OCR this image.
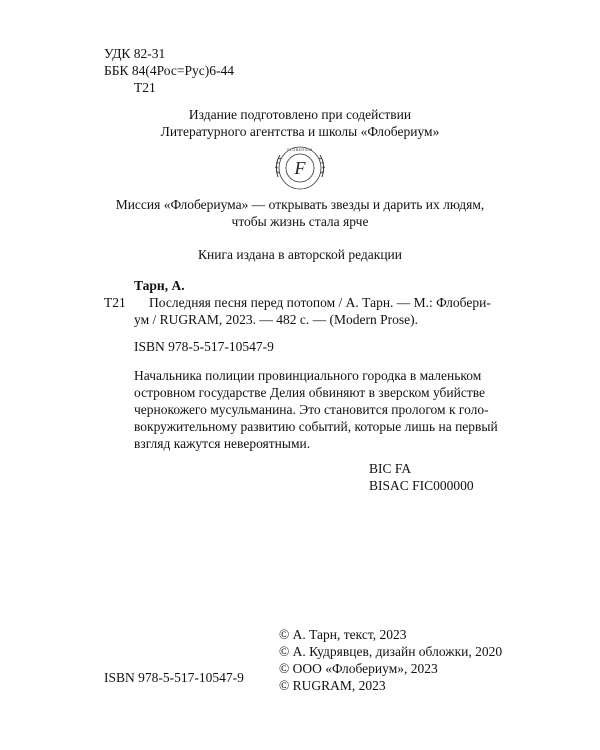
УДК 82-31
ББК 84(4Рос=Рус)6-44
Т21
Издание подготовлено при содействии
Литературного агентства и школы «Флобериум»
F
FLOBERIUM
Миссия «Флобериума» — открывать звезды и дарить их людям,
чтобы жизнь стала ярче
Книга издана в авторской редакции
Тарн, А.
Т21 Последняя песня перед потопом / А. Тарн. — М.: Флобери-
ум / RUGRAM, 2023. — 482 с. — (Modern Prose).
ISBN 978-5-517-10547-9
Начальника полиции провинциального городка в маленьком
островном государстве Делия обвиняют в зверском убийстве
чернокожего мусульманина. Это становится прологом к голо-
вокружительному развитию событий, которые лишь на первый
взгляд кажутся невероятными.
BIC FA
BISAC FIC000000
© А. Тарн, текст, 2023
© А. Кудрявцев, дизайн обложки, 2020
© ООО «Флобериум», 2023
© RUGRAM, 2023
ISBN 978-5-517-10547-9
